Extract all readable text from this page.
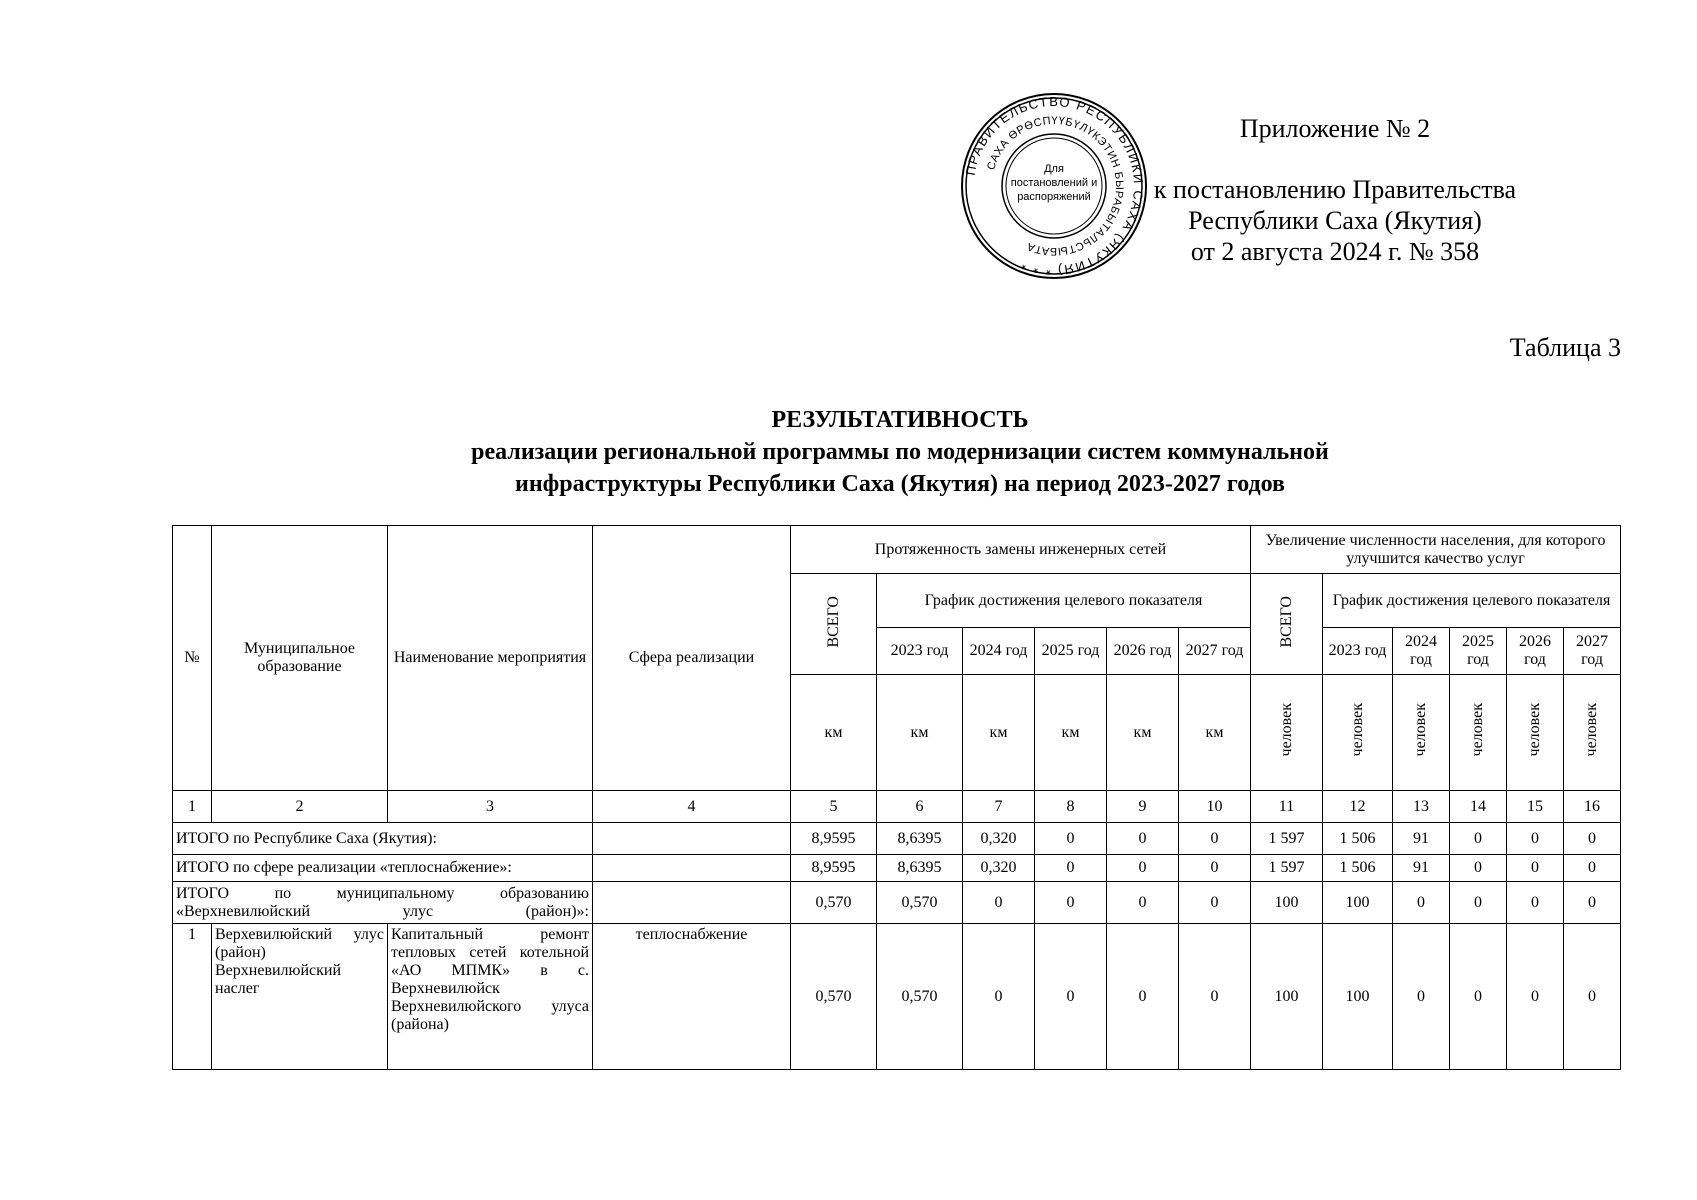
ПРАВИТЕЛЬСТВО РЕСПУБЛИКИ САХА (ЯКУТИЯ) * * *
САХА ӨРӨСПҮҮБҮЛҮКЭТИН БЫРАБЫТАЛЬСТЫБАТА
Для
постановлений и
распоряжений
Приложение № 2
к постановлению Правительства
Республики Саха (Якутия)
от 2 августа 2024 г. № 358
Таблица 3
РЕЗУЛЬТАТИВНОСТЬ
реализации региональной программы по модернизации систем коммунальной
инфраструктуры Республики Саха (Якутия) на период 2023-2027 годов
№	Муниципальное образование	Наименование мероприятия	Сфера реализации	Протяженность замены инженерных сетей						Увеличение численности населения, для которого улучшится качество услуг					
				ВСЕГО	График достижения целевого показателя					ВСЕГО	График достижения целевого показателя				
					2023 год	2024 год	2025 год	2026 год	2027 год		2023 год	2024 год	2025 год	2026 год	2027 год
				км	км	км	км	км	км	человек	человек	человек	человек	человек	человек
1	2	3	4	5	6	7	8	9	10	11	12	13	14	15	16
ИТОГО по Республике Саха (Якутия):				8,9595	8,6395	0,320	0	0	0	1 597	1 506	91	0	0	0
ИТОГО по сфере реализации «теплоснабжение»:				8,9595	8,6395	0,320	0	0	0	1 597	1 506	91	0	0	0
ИТОГО по муниципальному образованию «Верхневилюйский улус (район)»:				0,570	0,570	0	0	0	0	100	100	0	0	0	0
1	Верхевилюйский улус (район) Верхневилюйский наслег	Капитальный ремонт тепловых сетей котельной «АО МПМК» в с. Верхневилюйск Верхневилюйского улуса (района)	теплоснабжение	0,570	0,570	0	0	0	0	100	100	0	0	0	0
